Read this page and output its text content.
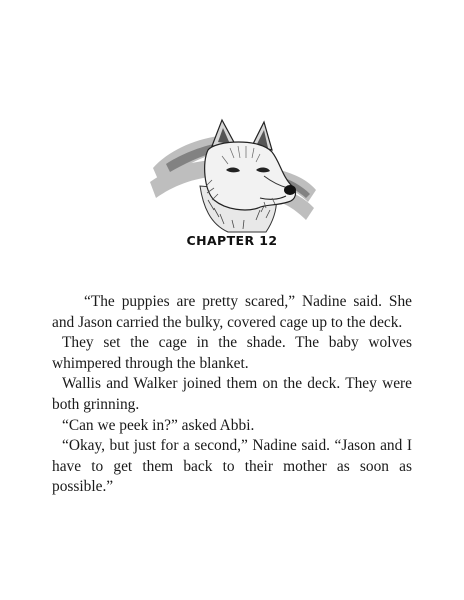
CHAPTER 12

“The puppies are pretty scared,” Nadine said. She and Jason carried the bulky, covered cage up to the deck.

They set the cage in the shade. The baby wolves whimpered through the blanket.

Wallis and Walker joined them on the deck. They were both grinning.

“Can we peek in?” asked Abbi.

“Okay, but just for a second,” Nadine said. “Jason and I have to get them back to their mother as soon as possible.”
